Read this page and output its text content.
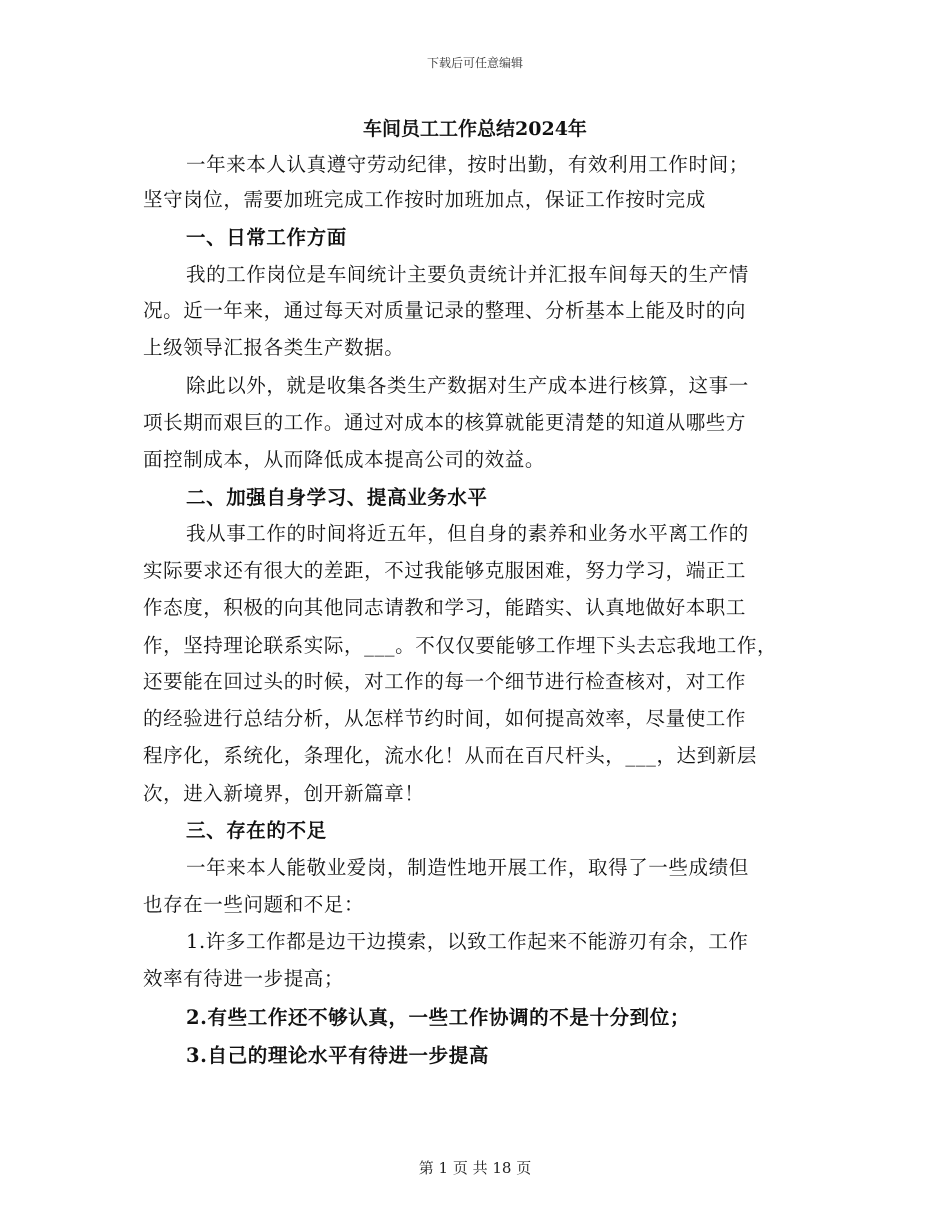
下载后可任意编辑
车间员工工作总结2024年
一年来本人认真遵守劳动纪律，按时出勤，有效利用工作时间；
坚守岗位，需要加班完成工作按时加班加点，保证工作按时完成
一、日常工作方面
我的工作岗位是车间统计主要负责统计并汇报车间每天的生产情
况。近一年来，通过每天对质量记录的整理、分析基本上能及时的向
上级领导汇报各类生产数据。
除此以外，就是收集各类生产数据对生产成本进行核算，这事一
项长期而艰巨的工作。通过对成本的核算就能更清楚的知道从哪些方
面控制成本，从而降低成本提高公司的效益。
二、加强自身学习、提高业务水平
我从事工作的时间将近五年，但自身的素养和业务水平离工作的
实际要求还有很大的差距，不过我能够克服困难，努力学习，端正工
作态度，积极的向其他同志请教和学习，能踏实、认真地做好本职工
作，坚持理论联系实际，___。不仅仅要能够工作埋下头去忘我地工作，
还要能在回过头的时候，对工作的每一个细节进行检查核对，对工作
的经验进行总结分析，从怎样节约时间，如何提高效率，尽量使工作
程序化，系统化，条理化，流水化！从而在百尺杆头，___，达到新层
次，进入新境界，创开新篇章！
三、存在的不足
一年来本人能敬业爱岗，制造性地开展工作，取得了一些成绩但
也存在一些问题和不足：
1.许多工作都是边干边摸索，以致工作起来不能游刃有余，工作
效率有待进一步提高；
2.有些工作还不够认真，一些工作协调的不是十分到位；
3.自己的理论水平有待进一步提高
第 1 页 共 18 页
